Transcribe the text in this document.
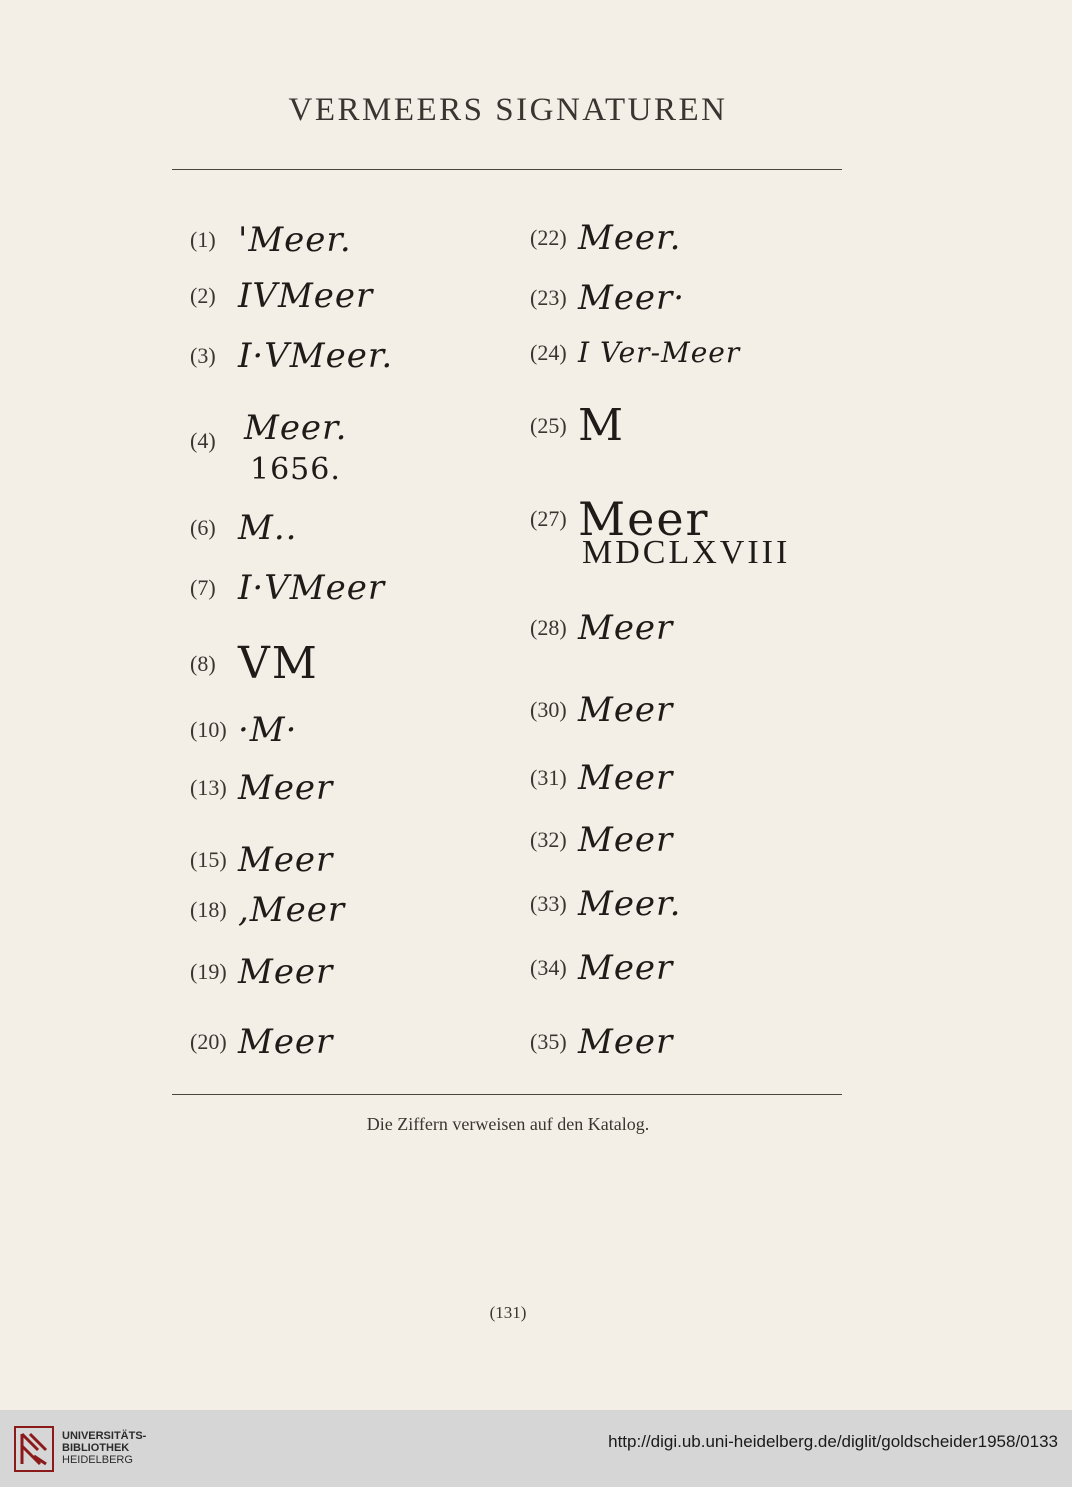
VERMEERS SIGNATUREN
(1) 'Meer.
(2) IVMeer
(3) I·VMeer.
(4) Meer.
1656.
(6) M..
(7) I·VMeer
(8) VM
(10) ·M·
(13) Meer
(15) Meer
(18) ,Meer
(19) Meer
(20) Meer
(22) Meer.
(23) Meer·
(24) I Ver-Meer
(25) M
(27) Meer
MDCLXVIII
(28) Meer
(30) Meer
(31) Meer
(32) Meer
(33) Meer.
(34) Meer
(35) Meer
Die Ziffern verweisen auf den Katalog.
(131)
UNIVERSITÄTS-
BIBLIOTHEK
HEIDELBERG
http://digi.ub.uni-heidelberg.de/diglit/goldscheider1958/0133
